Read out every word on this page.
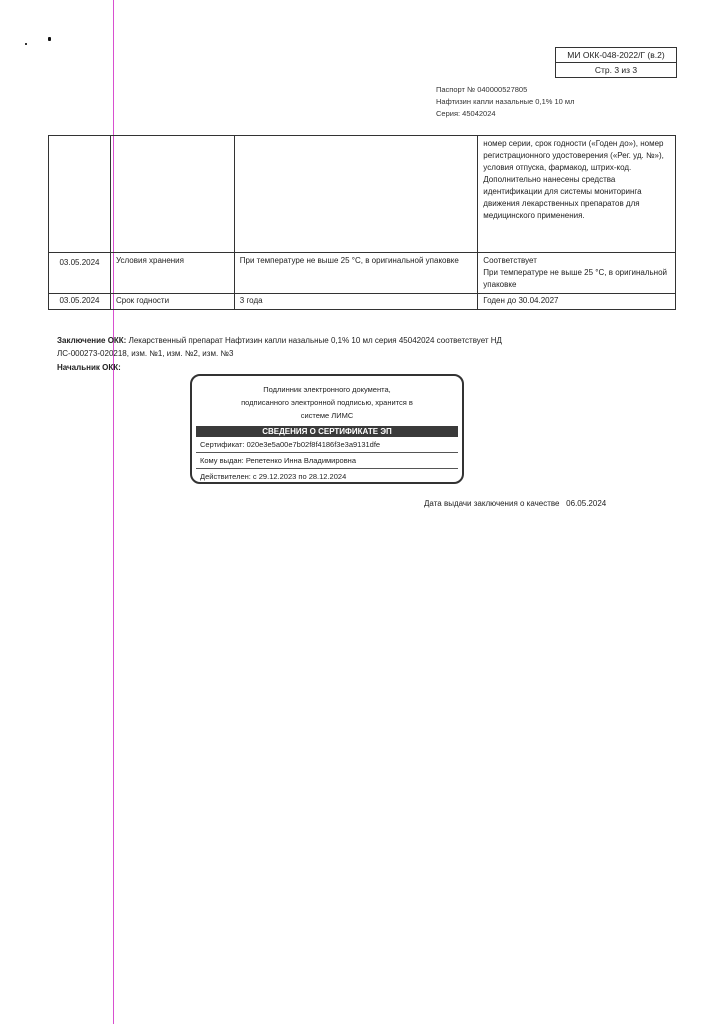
МИ ОКК-048-2022/Г (в.2)
Стр. 3 из 3
Паспорт № 040000527805
Нафтизин капли назальные 0,1% 10 мл
Серия: 45042024
			номер серии, срок годности («Годен до»), номер регистрационного удостоверения («Рег. уд. №»), условия отпуска, фармакод, штрих-код. Дополнительно нанесены средства идентификации для системы мониторинга движения лекарственных препаратов для медицинского применения.
03.05.2024	Условия хранения	При температуре не выше 25 °С, в оригинальной упаковке	Соответствует
При температуре не выше 25 °С, в оригинальной упаковке

03.05.2024	Срок годности	3 года	Годен до 30.04.2027
Заключение ОКК: Лекарственный препарат Нафтизин капли назальные 0,1% 10 мл серия 45042024 соответствует НД ЛС-000273-020218, изм. №1, изм. №2, изм. №3
Начальник ОКК:
Подлинник электронного документа,
подписанного электронной подписью, хранится в
системе ЛИМС
СВЕДЕНИЯ О СЕРТИФИКАТЕ ЭП
Сертификат: 020e3e5a00e7b02f8f4186f3e3a9131dfe
Кому выдан: Репетенко Инна Владимировна
Действителен: с 29.12.2023 по 28.12.2024
Дата выдачи заключения о качестве   06.05.2024
